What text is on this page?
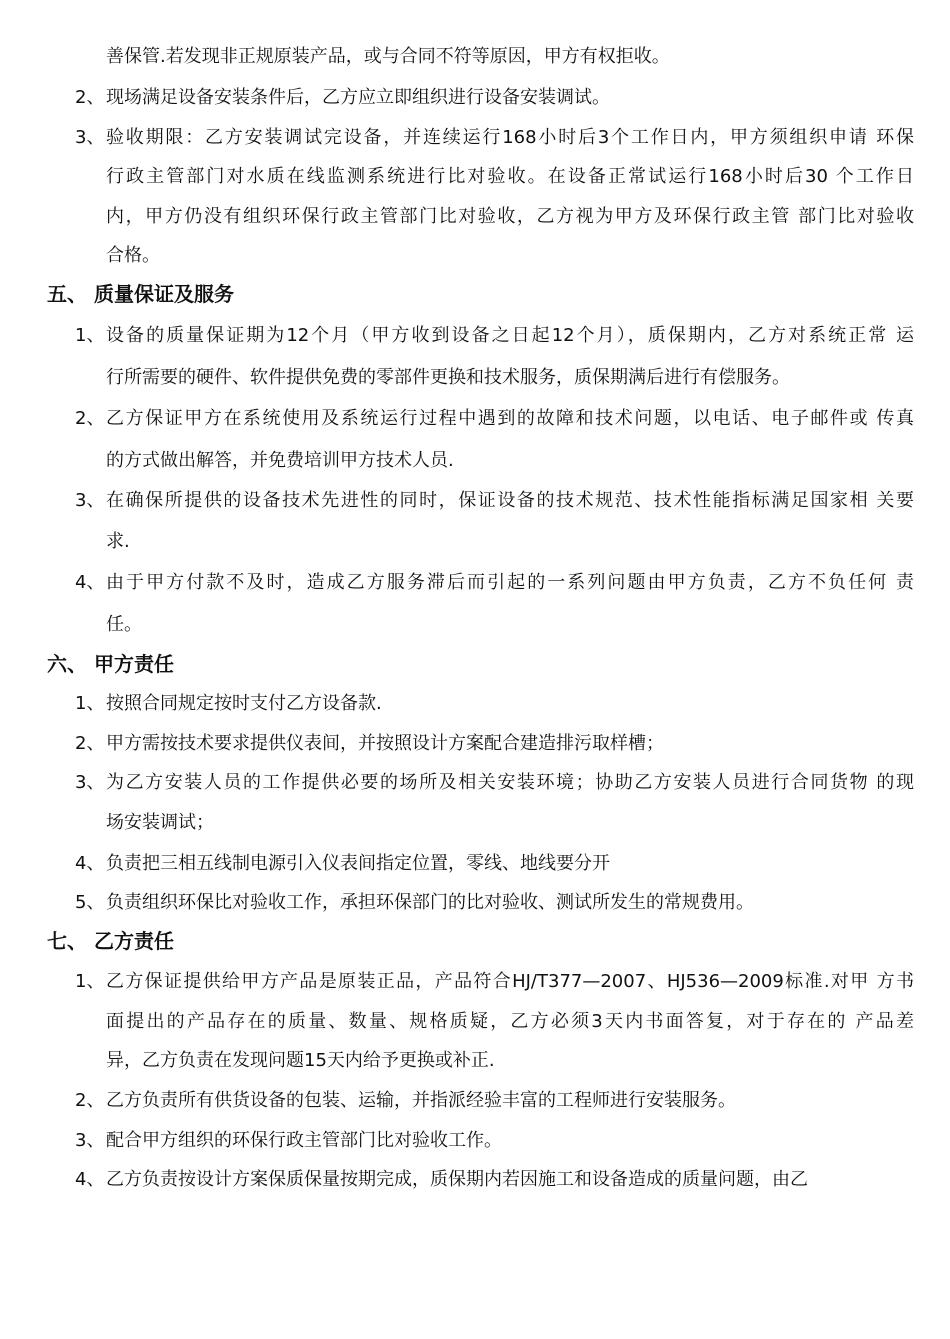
善保管.若发现非正规原装产品，或与合同不符等原因，甲方有权拒收。
2、 现场满足设备安装条件后，乙方应立即组织进行设备安装调试。
3、 验收期限：乙方安装调试完设备，并连续运行168小时后3个工作日内，甲方须组织申请 环保
行政主管部门对水质在线监测系统进行比对验收。在设备正常试运行168小时后30 个工作日
内，甲方仍没有组织环保行政主管部门比对验收，乙方视为甲方及环保行政主管 部门比对验收
合格。
五、 质量保证及服务
1、 设备的质量保证期为12个月（甲方收到设备之日起12个月），质保期内，乙方对系统正常 运
行所需要的硬件、软件提供免费的零部件更换和技术服务，质保期满后进行有偿服务。
2、 乙方保证甲方在系统使用及系统运行过程中遇到的故障和技术问题，以电话、电子邮件或 传真
的方式做出解答，并免费培训甲方技术人员.
3、 在确保所提供的设备技术先进性的同时，保证设备的技术规范、技术性能指标满足国家相 关要
求.
4、 由于甲方付款不及时，造成乙方服务滞后而引起的一系列问题由甲方负责，乙方不负任何 责
任。
六、 甲方责任
1、 按照合同规定按时支付乙方设备款.
2、 甲方需按技术要求提供仪表间，并按照设计方案配合建造排污取样槽；
3、 为乙方安装人员的工作提供必要的场所及相关安装环境；协助乙方安装人员进行合同货物 的现
场安装调试；
4、 负责把三相五线制电源引入仪表间指定位置，零线、地线要分开
5、 负责组织环保比对验收工作，承担环保部门的比对验收、测试所发生的常规费用。
七、 乙方责任
1、 乙方保证提供给甲方产品是原装正品，产品符合HJ/T377—2007、HJ536—2009标准.对甲 方书
面提出的产品存在的质量、数量、规格质疑，乙方必须3天内书面答复，对于存在的 产品差
异，乙方负责在发现问题15天内给予更换或补正.
2、 乙方负责所有供货设备的包装、运输，并指派经验丰富的工程师进行安装服务。
3、 配合甲方组织的环保行政主管部门比对验收工作。
4、 乙方负责按设计方案保质保量按期完成，质保期内若因施工和设备造成的质量问题，由乙
